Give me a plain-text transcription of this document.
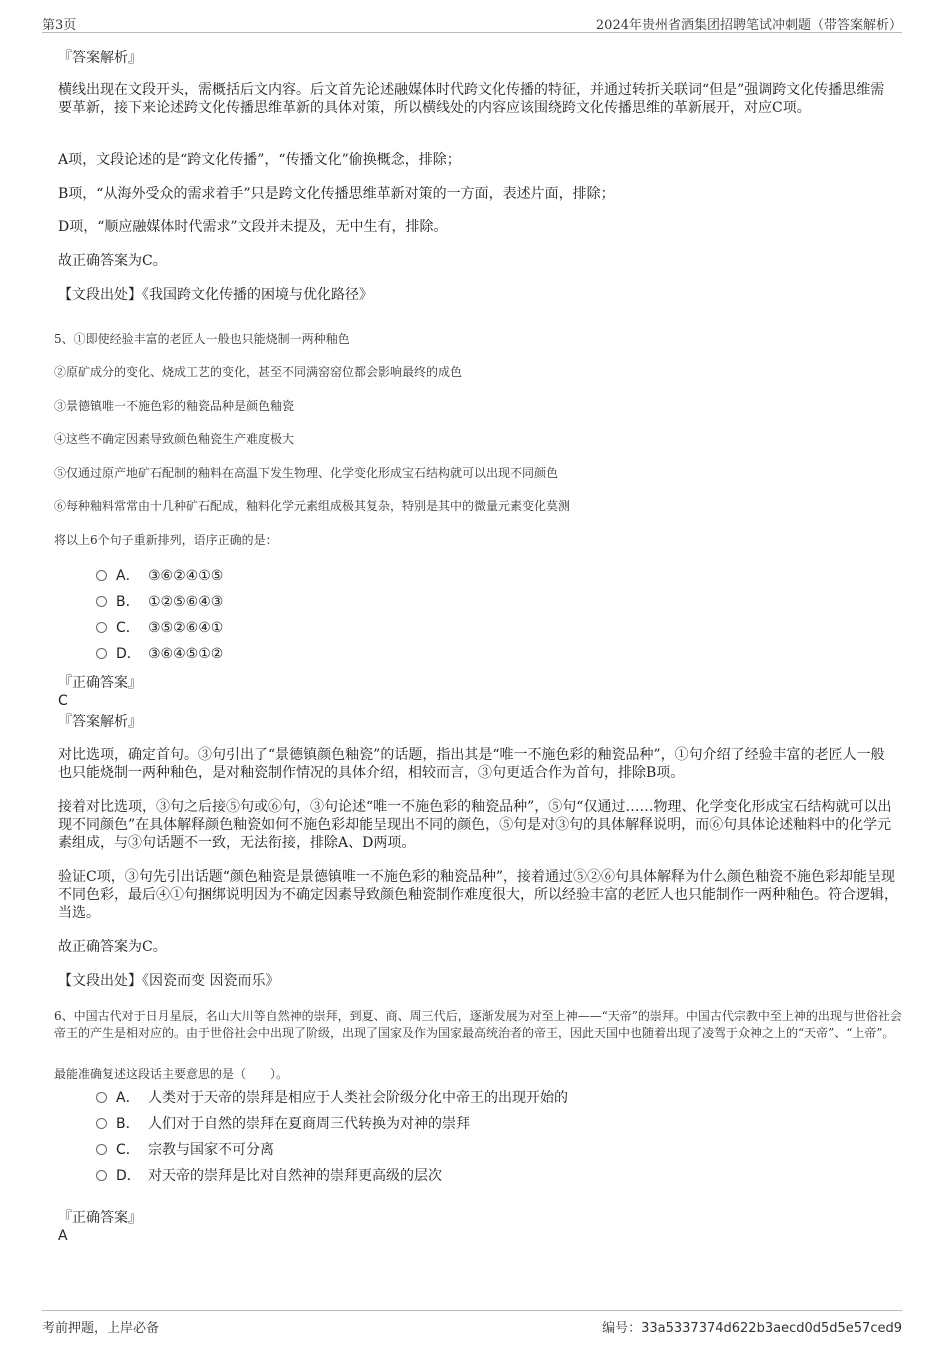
第3页	2024年贵州省酒集团招聘笔试冲刺题（带答案解析）
『答案解析』
横线出现在文段开头，需概括后文内容。后文首先论述融媒体时代跨文化传播的特征，并通过转折关联词“但是”强调跨文化传播思维需要革新，接下来论述跨文化传播思维革新的具体对策，所以横线处的内容应该围绕跨文化传播思维的革新展开，对应C项。
A项，文段论述的是“跨文化传播”，“传播文化”偷换概念，排除；
B项，“从海外受众的需求着手”只是跨文化传播思维革新对策的一方面，表述片面，排除；
D项，“顺应融媒体时代需求”文段并未提及，无中生有，排除。
故正确答案为C。
【文段出处】《我国跨文化传播的困境与优化路径》
5、①即使经验丰富的老匠人一般也只能烧制一两种釉色
②原矿成分的变化、烧成工艺的变化，甚至不同满窑窑位都会影响最终的成色
③景德镇唯一不施色彩的釉瓷品种是颜色釉瓷
④这些不确定因素导致颜色釉瓷生产难度极大
⑤仅通过原产地矿石配制的釉料在高温下发生物理、化学变化形成宝石结构就可以出现不同颜色
⑥每种釉料常常由十几种矿石配成，釉料化学元素组成极其复杂，特别是其中的微量元素变化莫测
将以上6个句子重新排列，语序正确的是：
A． ③⑥②④①⑤
B． ①②⑤⑥④③
C． ③⑤②⑥④①
D． ③⑥④⑤①②
『正确答案』
C
『答案解析』
对比选项，确定首句。③句引出了“景德镇颜色釉瓷”的话题，指出其是“唯一不施色彩的釉瓷品种”，①句介绍了经验丰富的老匠人一般也只能烧制一两种釉色，是对釉瓷制作情况的具体介绍，相较而言，③句更适合作为首句，排除B项。
接着对比选项，③句之后接⑤句或⑥句，③句论述“唯一不施色彩的釉瓷品种”，⑤句“仅通过……物理、化学变化形成宝石结构就可以出现不同颜色”在具体解释颜色釉瓷如何不施色彩却能呈现出不同的颜色，⑤句是对③句的具体解释说明，而⑥句具体论述釉料中的化学元素组成，与③句话题不一致，无法衔接，排除A、D两项。
验证C项，③句先引出话题“颜色釉瓷是景德镇唯一不施色彩的釉瓷品种”，接着通过⑤②⑥句具体解释为什么颜色釉瓷不施色彩却能呈现不同色彩，最后④①句捆绑说明因为不确定因素导致颜色釉瓷制作难度很大，所以经验丰富的老匠人也只能制作一两种釉色。符合逻辑，当选。
故正确答案为C。
【文段出处】《因瓷而变 因瓷而乐》
6、中国古代对于日月星辰，名山大川等自然神的崇拜，到夏、商、周三代后，逐渐发展为对至上神——“天帝”的崇拜。中国古代宗教中至上神的出现与世俗社会帝王的产生是相对应的。由于世俗社会中出现了阶级，出现了国家及作为国家最高统治者的帝王，因此天国中也随着出现了凌驾于众神之上的“天帝”、“上帝”。
最能准确复述这段话主要意思的是（　　）。
A． 人类对于天帝的崇拜是相应于人类社会阶级分化中帝王的出现开始的
B． 人们对于自然的崇拜在夏商周三代转换为对神的崇拜
C． 宗教与国家不可分离
D． 对天帝的崇拜是比对自然神的崇拜更高级的层次
『正确答案』
A
考前押题，上岸必备	编号：33a5337374d622b3aecd0d5d5e57ced9
